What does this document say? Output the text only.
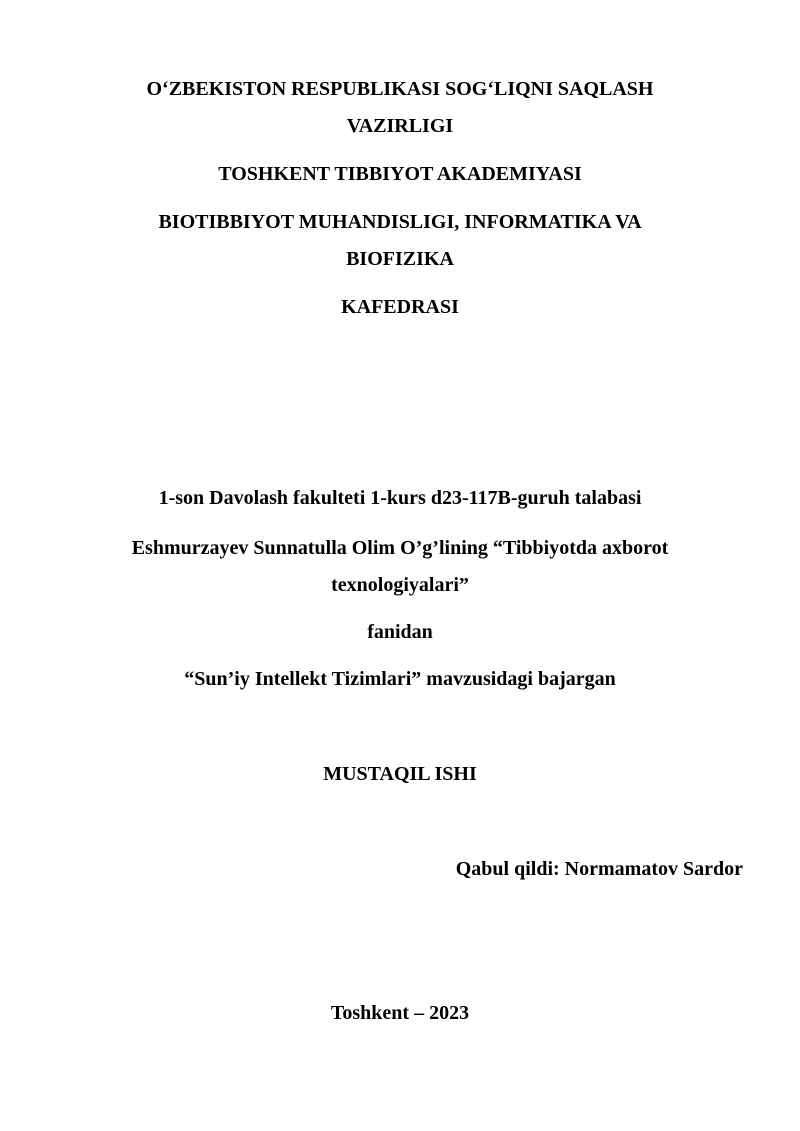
O‘ZBEKISTON RESPUBLIKASI SOG‘LIQNI SAQLASH
VAZIRLIGI
TOSHKENT TIBBIYOT AKADEMIYASI
BIOTIBBIYOT MUHANDISLIGI, INFORMATIKA VA
BIOFIZIKA
KAFEDRASI
1-son Davolash fakulteti 1-kurs d23-117B-guruh talabasi
Eshmurzayev Sunnatulla Olim O’g’lining “Tibbiyotda axborot
texnologiyalari”
fanidan
“Sun’iy Intellekt Tizimlari” mavzusidagi bajargan
MUSTAQIL ISHI
Qabul qildi: Normamatov Sardor
Toshkent – 2023
